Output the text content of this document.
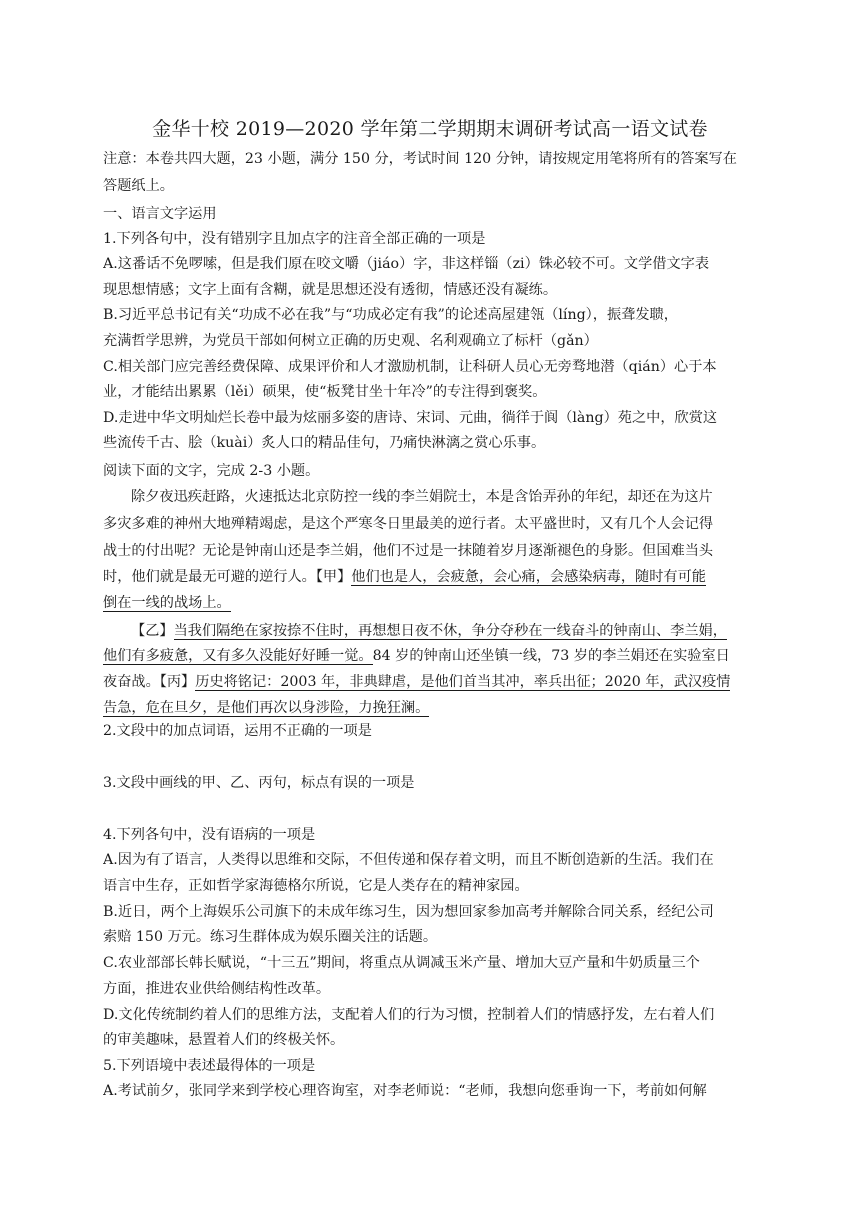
金华十校 2019—2020 学年第二学期期末调研考试高一语文试卷
注意：本卷共四大题，23 小题，满分 150 分，考试时间 120 分钟，请按规定用笔将所有的答案写在
答题纸上。
一、语言文字运用
1.下列各句中，没有错别字且加点字的注音全部正确的一项是
A.这番话不免啰嗦，但是我们原在咬文嚼（jiáo）字，非这样锱（zi）铢必较不可。文学借文字表
现思想情感；文字上面有含糊，就是思想还没有透彻，情感还没有凝练。
B.习近平总书记有关“功成不必在我”与“功成必定有我”的论述高屋建瓴（líng），振聋发聩，
充满哲学思辨，为党员干部如何树立正确的历史观、名利观确立了标杆（gǎn）
C.相关部门应完善经费保障、成果评价和人才激励机制，让科研人员心无旁骛地潜（qián）心于本
业，才能结出累累（lěi）硕果，使“板凳甘坐十年冷”的专注得到褒奖。
D.走进中华文明灿烂长卷中最为炫丽多姿的唐诗、宋词、元曲，徜徉于阆（làng）苑之中，欣赏这
些流传千古、脍（kuài）炙人口的精品佳句，乃痛快淋漓之赏心乐事。
阅读下面的文字，完成 2-3 小题。
除夕夜迅疾赶路，火速抵达北京防控一线的李兰娟院士，本是含饴弄孙的年纪，却还在为这片
多灾多难的神州大地殚精竭虑，是这个严寒冬日里最美的逆行者。太平盛世时，又有几个人会记得
战士的付出呢？无论是钟南山还是李兰娟，他们不过是一抹随着岁月逐渐褪色的身影。但国难当头
时，他们就是最无可避的逆行人。【甲】他们也是人，会疲惫，会心痛，会感染病毒，随时有可能
倒在一线的战场上。
【乙】当我们隔绝在家按捺不住时，再想想日夜不休，争分夺秒在一线奋斗的钟南山、李兰娟，
他们有多疲惫，又有多久没能好好睡一觉。84 岁的钟南山还坐镇一线，73 岁的李兰娟还在实验室日
夜奋战。【丙】历史将铭记：2003 年，非典肆虐，是他们首当其冲，率兵出征；2020 年，武汉疫情
告急，危在旦夕，是他们再次以身涉险，力挽狂澜。
2.文段中的加点词语，运用不正确的一项是
3.文段中画线的甲、乙、丙句，标点有误的一项是
4.下列各句中，没有语病的一项是
A.因为有了语言，人类得以思维和交际，不但传递和保存着文明，而且不断创造新的生活。我们在
语言中生存，正如哲学家海德格尔所说，它是人类存在的精神家园。
B.近日，两个上海娱乐公司旗下的未成年练习生，因为想回家参加高考并解除合同关系，经纪公司
索赔 150 万元。练习生群体成为娱乐圈关注的话题。
C.农业部部长韩长赋说，“十三五”期间，将重点从调减玉米产量、增加大豆产量和牛奶质量三个
方面，推进农业供给侧结构性改革。
D.文化传统制约着人们的思维方法，支配着人们的行为习惯，控制着人们的情感抒发，左右着人们
的审美趣味，悬置着人们的终极关怀。
5.下列语境中表述最得体的一项是
A.考试前夕，张同学来到学校心理咨询室，对李老师说：“老师，我想向您垂询一下，考前如何解
